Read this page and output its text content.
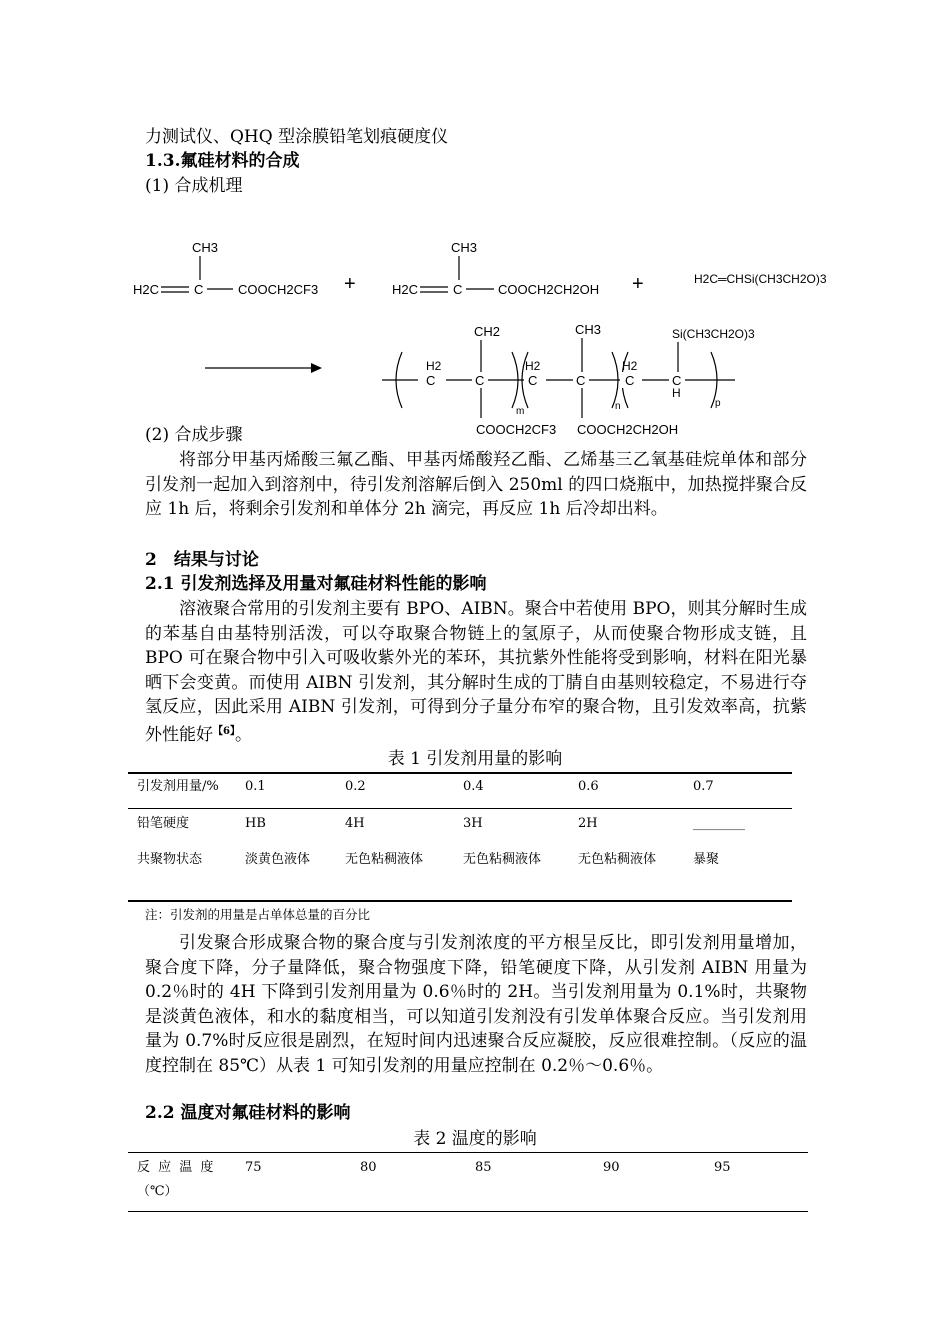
力测试仪、QHQ 型涂膜铅笔划痕硬度仪
1.3.氟硅材料的合成
(1) 合成机理
CH3
H2C	C	COOCH2CF3 +
CH3
H2C	C	COOCH2CH2OH +	H2C═CHSi(CH3CH2O)3
H2
C	C
CH2
H2
C	C
CH3
H2
C	C
H
Si(CH3CH2O)3
m	n	p
COOCH2CF3 COOCH2CH2OH
(2) 合成步骤
将部分甲基丙烯酸三氟乙酯、甲基丙烯酸羟乙酯、乙烯基三乙氧基硅烷单体和部分引发剂一起加入到溶剂中，待引发剂溶解后倒入 250ml 的四口烧瓶中，加热搅拌聚合反应 1h 后，将剩余引发剂和单体分 2h 滴完，再反应 1h 后冷却出料。
2　结果与讨论
2.1 引发剂选择及用量对氟硅材料性能的影响
溶液聚合常用的引发剂主要有 BPO、AIBN。聚合中若使用 BPO，则其分解时生成的苯基自由基特别活泼，可以夺取聚合物链上的氢原子，从而使聚合物形成支链，且 BPO 可在聚合物中引入可吸收紫外光的苯环，其抗紫外性能将受到影响，材料在阳光暴晒下会变黄。而使用 AIBN 引发剂，其分解时生成的丁腈自由基则较稳定，不易进行夺氢反应，因此采用 AIBN 引发剂，可得到分子量分布窄的聚合物，且引发效率高，抗紫外性能好$^{【6】}$。
表 1 引发剂用量的影响
引发剂用量/% 0.1	0.2	0.4	0.6	0.7
铅笔硬度	HB	4H	3H	2H	________
共聚物状态	淡黄色液体	无色粘稠液体	无色粘稠液体	无色粘稠液体	暴聚
注：引发剂的用量是占单体总量的百分比
引发聚合形成聚合物的聚合度与引发剂浓度的平方根呈反比，即引发剂用量增加，聚合度下降，分子量降低，聚合物强度下降，铅笔硬度下降，从引发剂 AIBN 用量为 0.2％时的 4H 下降到引发剂用量为 0.6％时的 2H。当引发剂用量为 0.1%时，共聚物是淡黄色液体，和水的黏度相当，可以知道引发剂没有引发单体聚合反应。当引发剂用量为 0.7%时反应很是剧烈，在短时间内迅速聚合反应凝胶，反应很难控制。（反应的温度控制在 85℃）从表 1 可知引发剂的用量应控制在 0.2％～0.6％。
2.2 温度对氟硅材料的影响
表 2 温度的影响
反 应 温 度
（℃）
75	80	85	90	95
